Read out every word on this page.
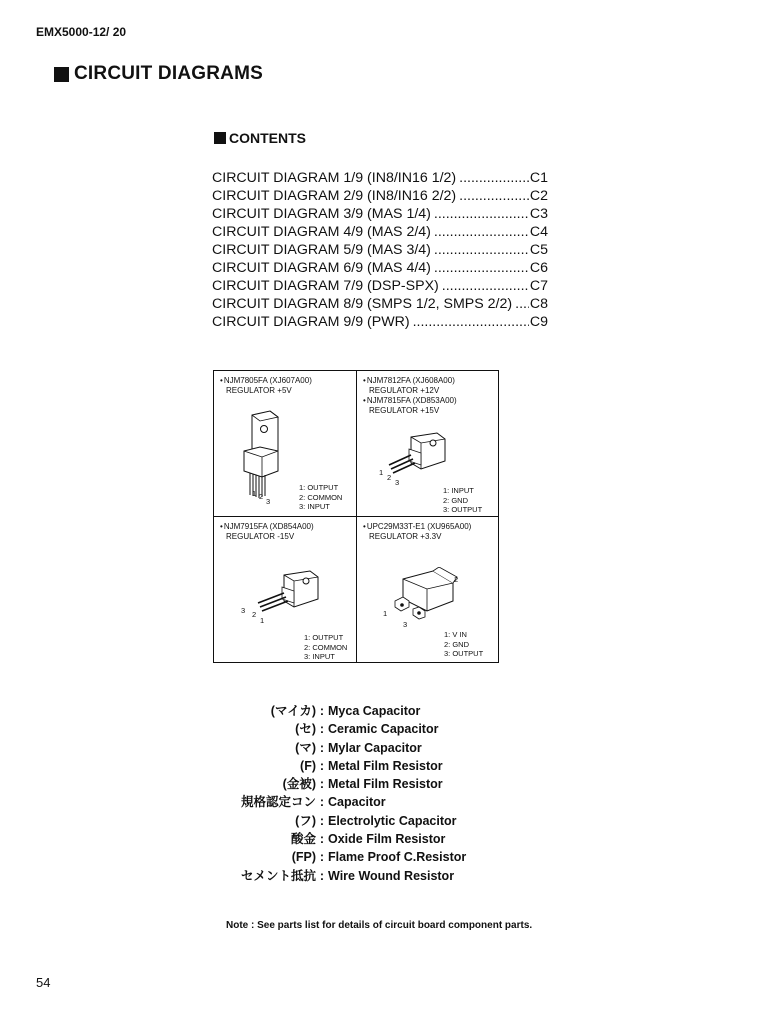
EMX5000-12/ 20
CIRCUIT DIAGRAMS
CONTENTS
CIRCUIT DIAGRAM 1/9 (IN8/IN16 1/2) .....	C1
CIRCUIT DIAGRAM 2/9 (IN8/IN16 2/2) .....	C2
CIRCUIT DIAGRAM 3/9 (MAS 1/4) .....	C3
CIRCUIT DIAGRAM 4/9 (MAS 2/4) .....	C4
CIRCUIT DIAGRAM 5/9 (MAS 3/4) .....	C5
CIRCUIT DIAGRAM 6/9 (MAS 4/4) .....	C6
CIRCUIT DIAGRAM 7/9 (DSP-SPX) .....	C7
CIRCUIT DIAGRAM 8/9 (SMPS 1/2, SMPS 2/2) ..... C8
CIRCUIT DIAGRAM 9/9 (PWR) .....	C9
• NJM7805FA (XJ607A00)
REGULATOR +5V
1 2
3
1: OUTPUT
2: COMMON
3: INPUT
• NJM7812FA (XJ608A00)
REGULATOR +12V
• NJM7815FA (XD853A00)
REGULATOR +15V
1
2
3
1: INPUT
2: GND
3: OUTPUT
• NJM7915FA (XD854A00)
REGULATOR -15V
3 2
1
1: OUTPUT
2: COMMON
3: INPUT
• UPC29M33T-E1 (XU965A00)
REGULATOR +3.3V
2
1
3
1: V IN
2: GND
3: OUTPUT
(マイカ) : Myca Capacitor
(セ) : Ceramic Capacitor
(マ) : Mylar Capacitor
(F) : Metal Film Resistor
(金被) : Metal Film Resistor
規格認定コン : Capacitor
(フ) : Electrolytic Capacitor
酸金 : Oxide Film Resistor
(FP) : Flame Proof C.Resistor
セメント抵抗 : Wire Wound Resistor
Note : See parts list for details of circuit board component parts.
54
